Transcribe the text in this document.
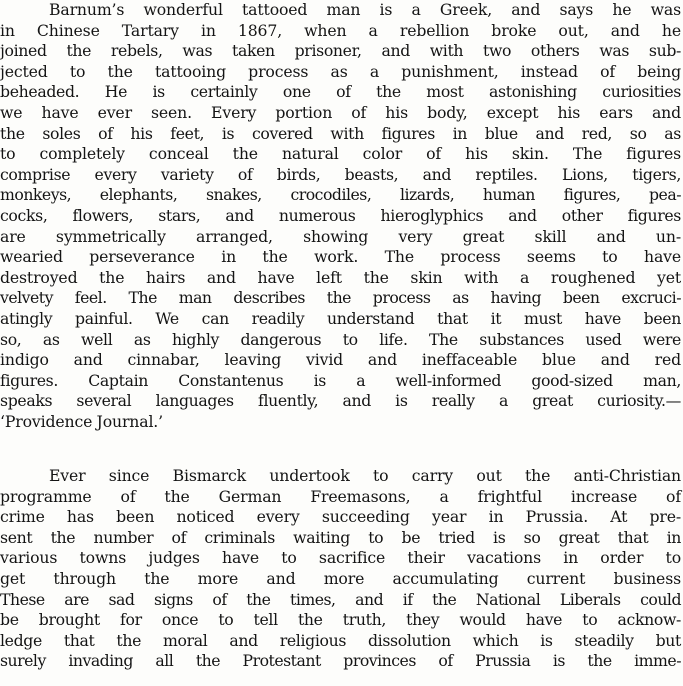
Barnum’s wonderful tattooed man is a Greek, and says he was
in Chinese Tartary in 1867, when a rebellion broke out, and he
joined the rebels, was taken prisoner, and with two others was sub-
jected to the tattooing process as a punishment, instead of being
beheaded. He is certainly one of the most astonishing curiosities
we have ever seen. Every portion of his body, except his ears and
the soles of his feet, is covered with figures in blue and red, so as
to completely conceal the natural color of his skin. The figures
comprise every variety of birds, beasts, and reptiles. Lions, tigers,
monkeys, elephants, snakes, crocodiles, lizards, human figures, pea-
cocks, flowers, stars, and numerous hieroglyphics and other figures
are symmetrically arranged, showing very great skill and un-
wearied perseverance in the work. The process seems to have
destroyed the hairs and have left the skin with a roughened yet
velvety feel. The man describes the process as having been excruci-
atingly painful. We can readily understand that it must have been
so, as well as highly dangerous to life. The substances used were
indigo and cinnabar, leaving vivid and ineffaceable blue and red
figures. Captain Constantenus is a well-informed good-sized man,
speaks several languages fluently, and is really a great curiosity.—
‘Providence Journal.’
Ever since Bismarck undertook to carry out the anti-Christian
programme of the German Freemasons, a frightful increase of
crime has been noticed every succeeding year in Prussia. At pre-
sent the number of criminals waiting to be tried is so great that in
various towns judges have to sacrifice their vacations in order to
get through the more and more accumulating current business
These are sad signs of the times, and if the National Liberals could
be brought for once to tell the truth, they would have to acknow-
ledge that the moral and religious dissolution which is steadily but
surely invading all the Protestant provinces of Prussia is the imme-
